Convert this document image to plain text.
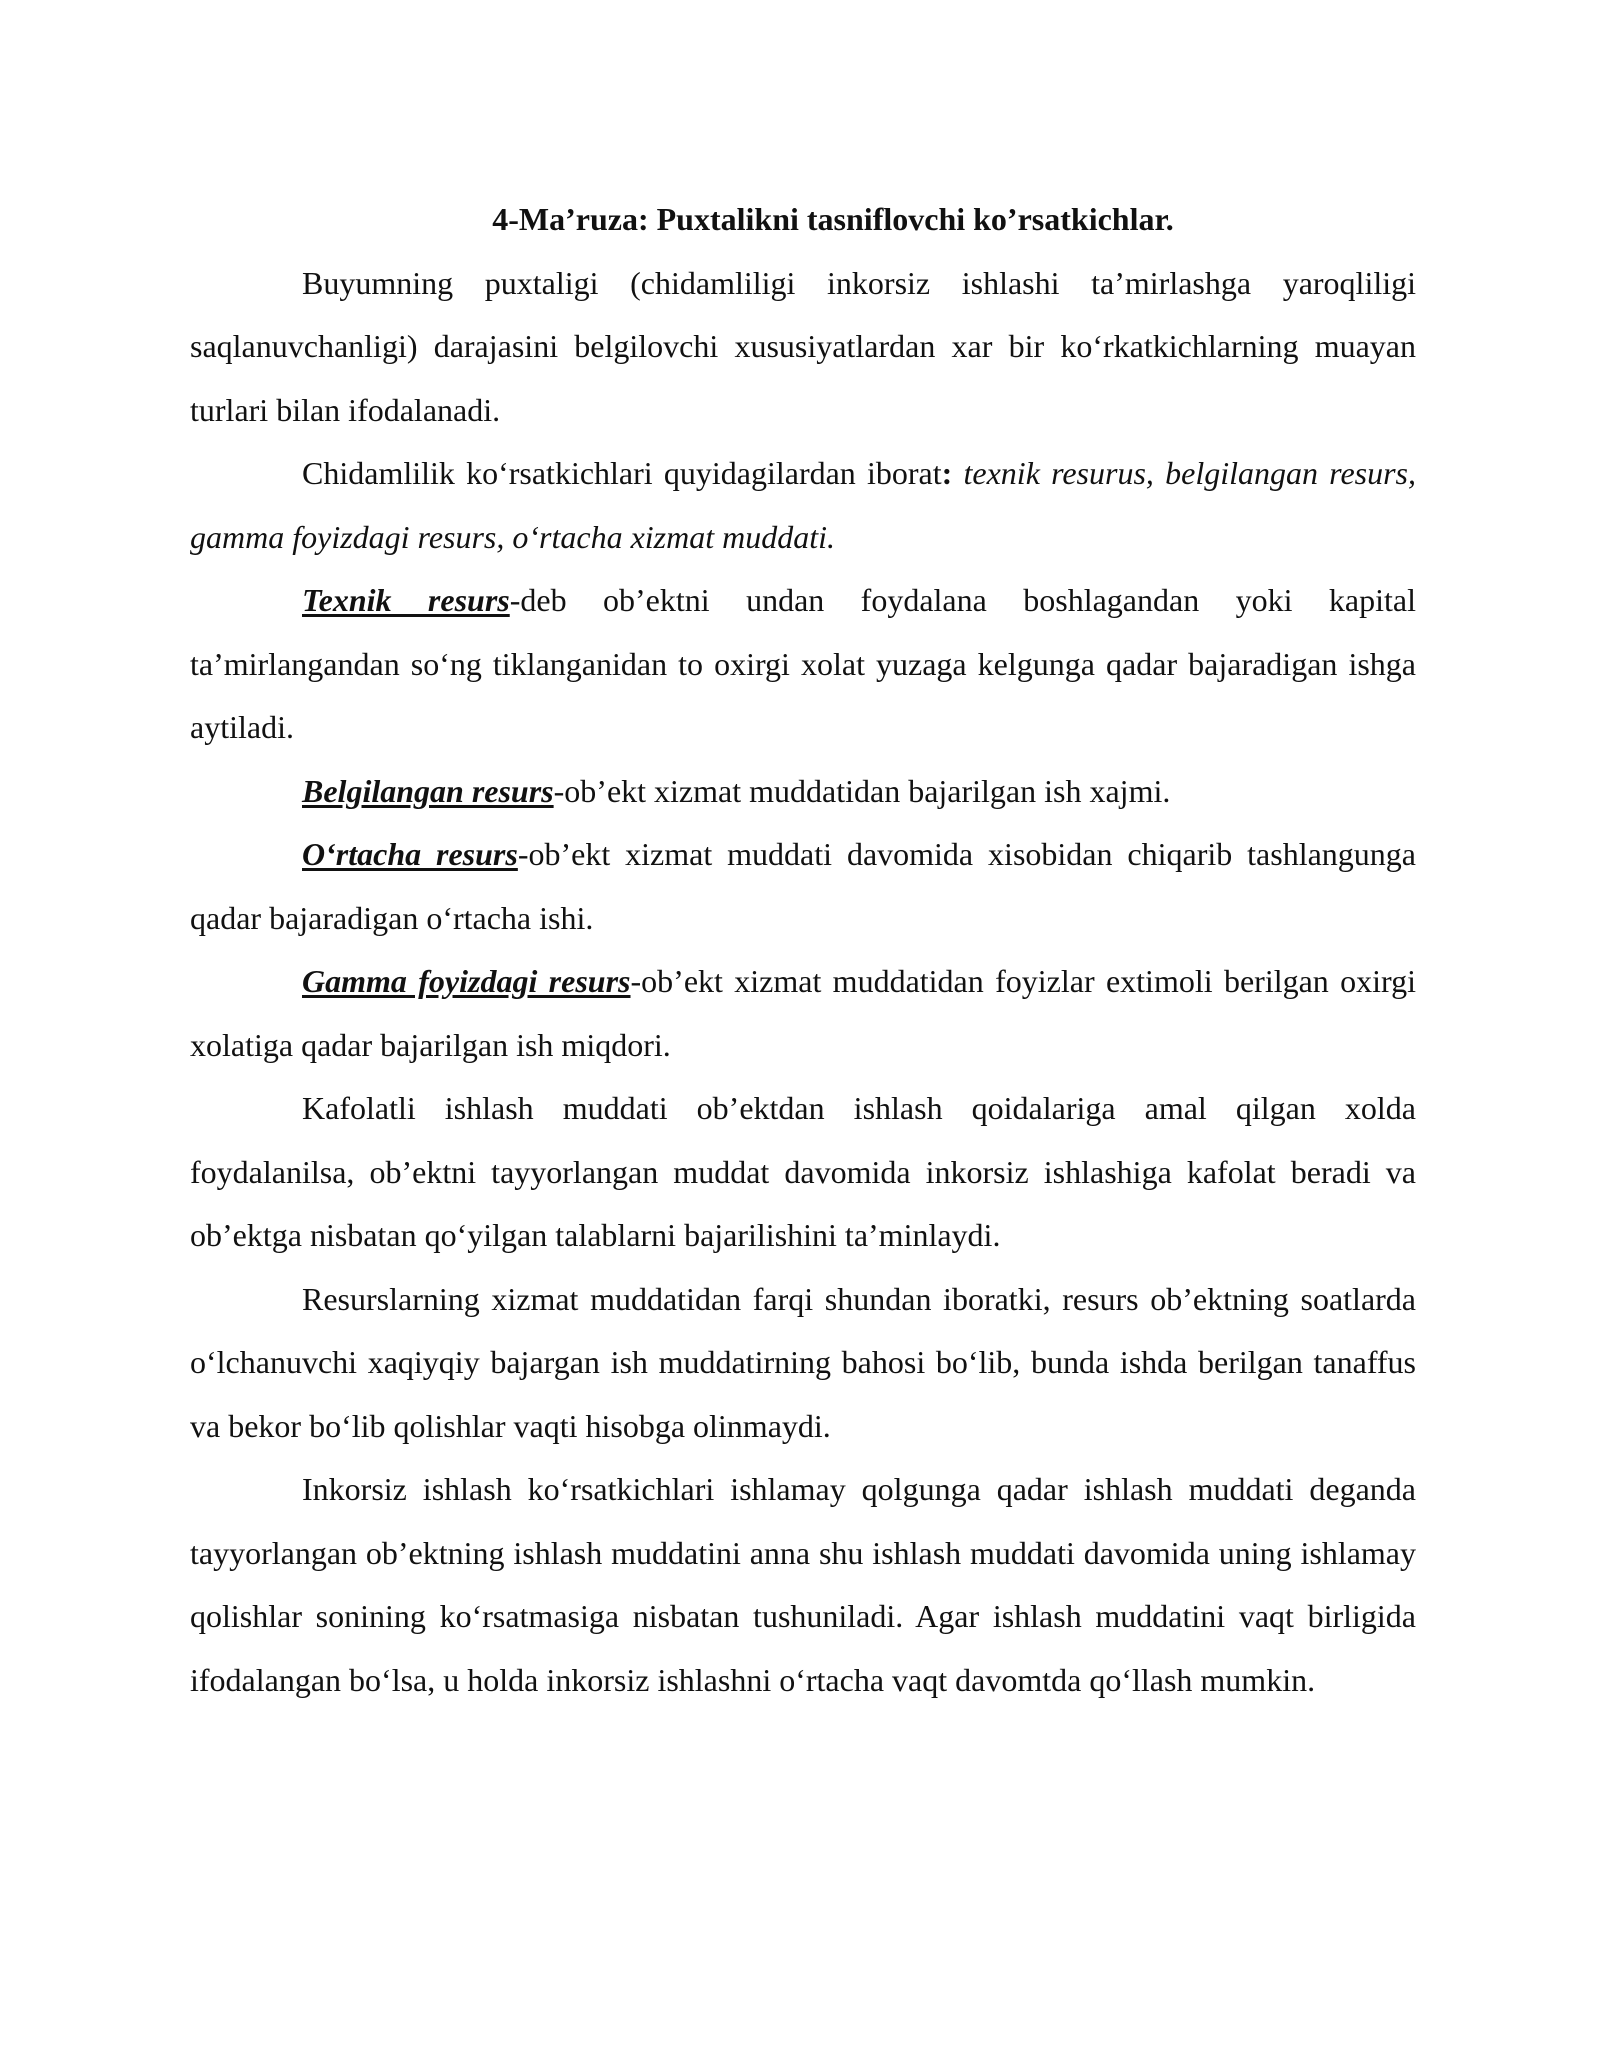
4-Ma’ruza: Puxtalikni tasniflovchi ko’rsatkichlar.

Buyumning puxtaligi (chidamliligi inkorsiz ishlashi ta’mirlashga yaroqliligi saqlanuvchanligi) darajasini belgilovchi xususiyatlardan xar bir ko‘rkatkichlarning muayan turlari bilan ifodalanadi.

Chidamlilik ko‘rsatkichlari quyidagilardan iborat: texnik resurus, belgilangan resurs, gamma foyizdagi resurs, o‘rtacha xizmat muddati.

Texnik resurs-deb ob’ektni undan foydalana boshlagandan yoki kapital ta’mirlangandan so‘ng tiklanganidan to oxirgi xolat yuzaga kelgunga qadar bajaradigan ishga aytiladi.

Belgilangan resurs-ob’ekt xizmat muddatidan bajarilgan ish xajmi.

O‘rtacha resurs-ob’ekt xizmat muddati davomida xisobidan chiqarib tashlangunga qadar bajaradigan o‘rtacha ishi.

Gamma foyizdagi resurs-ob’ekt xizmat muddatidan foyizlar extimoli berilgan oxirgi xolatiga qadar bajarilgan ish miqdori.

Kafolatli ishlash muddati ob’ektdan ishlash qoidalariga amal qilgan xolda foydalanilsa, ob’ektni tayyorlangan muddat davomida inkorsiz ishlashiga kafolat beradi va ob’ektga nisbatan qo‘yilgan talablarni bajarilishini ta’minlaydi.

Resurslarning xizmat muddatidan farqi shundan iboratki, resurs ob’ektning soatlarda o‘lchanuvchi xaqiyqiy bajargan ish muddatirning bahosi bo‘lib, bunda ishda berilgan tanaffus va bekor bo‘lib qolishlar vaqti hisobga olinmaydi.

Inkorsiz ishlash ko‘rsatkichlari ishlamay qolgunga qadar ishlash muddati deganda tayyorlangan ob’ektning ishlash muddatini anna shu ishlash muddati davomida uning ishlamay qolishlar sonining ko‘rsatmasiga nisbatan tushuniladi. Agar ishlash muddatini vaqt birligida ifodalangan bo‘lsa, u holda inkorsiz ishlashni o‘rtacha vaqt davomtda qo‘llash mumkin.
